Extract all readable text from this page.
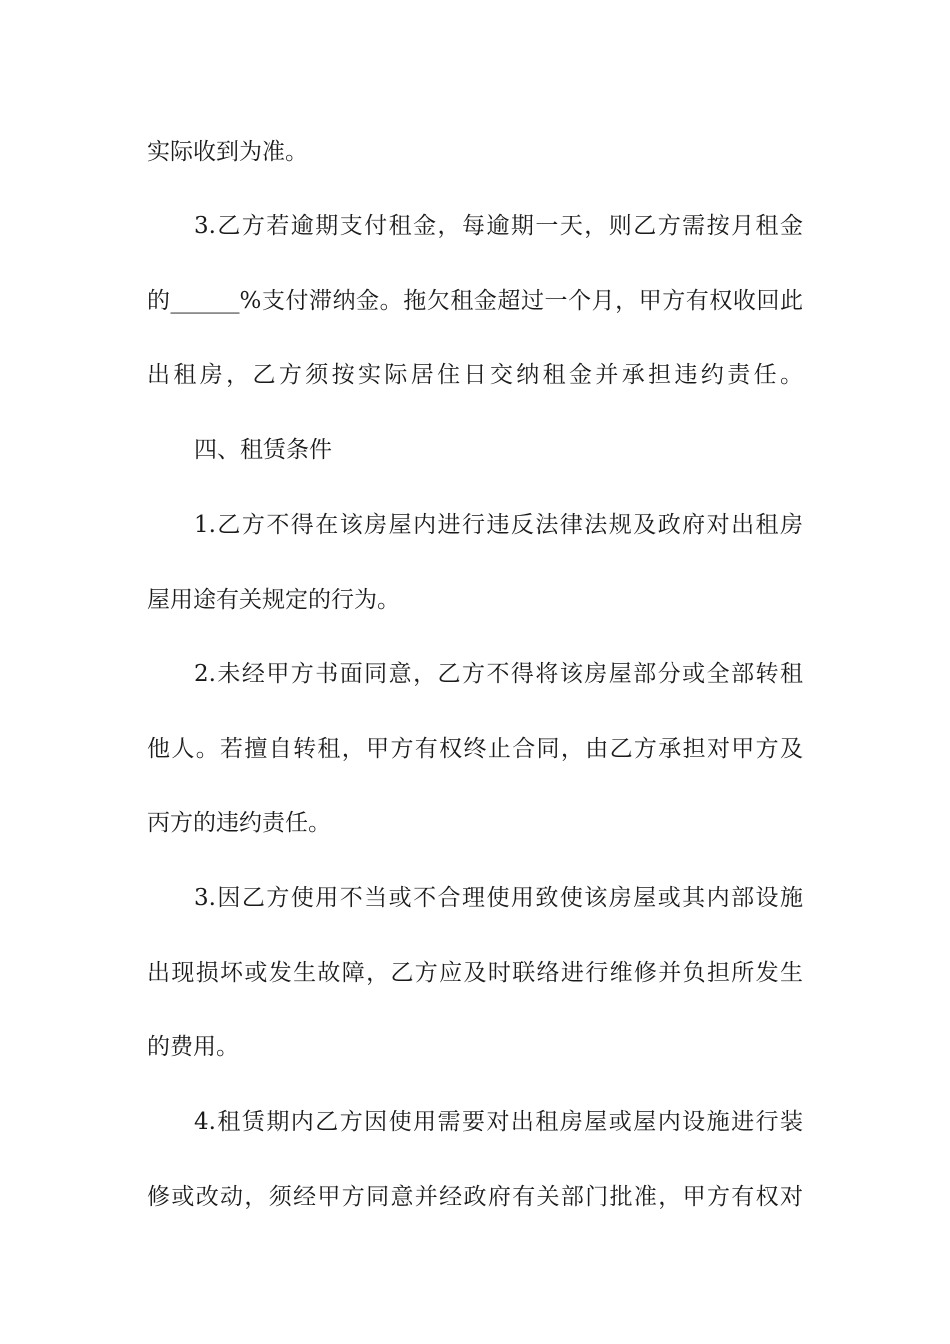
实际收到为准。
3.乙方若逾期支付租金，每逾期一天，则乙方需按月租金
的______%支付滞纳金。拖欠租金超过一个月，甲方有权收回此
出租房，乙方须按实际居住日交纳租金并承担违约责任。
四、租赁条件
1.乙方不得在该房屋内进行违反法律法规及政府对出租房
屋用途有关规定的行为。
2.未经甲方书面同意，乙方不得将该房屋部分或全部转租
他人。若擅自转租，甲方有权终止合同，由乙方承担对甲方及
丙方的违约责任。
3.因乙方使用不当或不合理使用致使该房屋或其内部设施
出现损坏或发生故障，乙方应及时联络进行维修并负担所发生
的费用。
4.租赁期内乙方因使用需要对出租房屋或屋内设施进行装
修或改动，须经甲方同意并经政府有关部门批准，甲方有权对
